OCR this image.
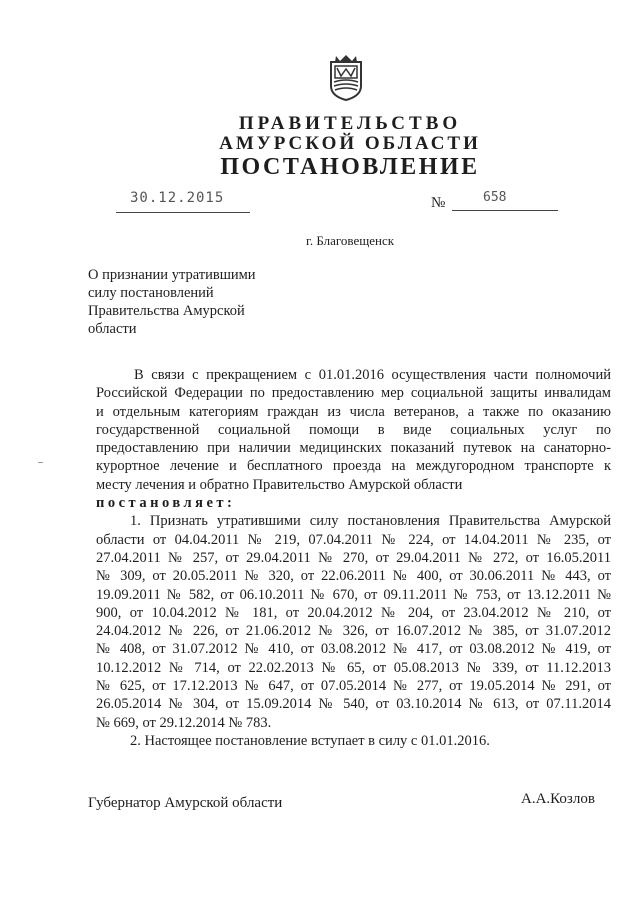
ПРАВИТЕЛЬСТВО
АМУРСКОЙ ОБЛАСТИ
ПОСТАНОВЛЕНИЕ
30.12.2015	№	658
г. Благовещенск
О признании утратившими
силу постановлений
Правительства Амурской
области
В связи с прекращением с 01.01.2016 осуществления части полномочий
Российской Федерации по предоставлению мер социальной защиты инвалидам
и отдельным категориям граждан из числа ветеранов, а также по оказанию
государственной социальной помощи в виде социальных услуг по
предоставлению при наличии медицинских показаний путевок на санаторно-
курортное лечение и бесплатного проезда на междугородном транспорте к
месту лечения и обратно Правительство Амурской области
постановляет:
1. Признать утратившими силу постановления Правительства Амурской
области от 04.04.2011 № 219, 07.04.2011 № 224, от 14.04.2011 № 235, от
27.04.2011 № 257, от 29.04.2011 № 270, от 29.04.2011 № 272, от 16.05.2011
№ 309, от 20.05.2011 № 320, от 22.06.2011 № 400, от 30.06.2011 № 443, от
19.09.2011 № 582, от 06.10.2011 № 670, от 09.11.2011 № 753, от 13.12.2011 №
900, от 10.04.2012 № 181, от 20.04.2012 № 204, от 23.04.2012 № 210, от
24.04.2012 № 226, от 21.06.2012 № 326, от 16.07.2012 № 385, от 31.07.2012
№ 408, от 31.07.2012 № 410, от 03.08.2012 № 417, от 03.08.2012 № 419, от
10.12.2012 № 714, от 22.02.2013 № 65, от 05.08.2013 № 339, от 11.12.2013
№ 625, от 17.12.2013 № 647, от 07.05.2014 № 277, от 19.05.2014 № 291, от
26.05.2014 № 304, от 15.09.2014 № 540, от 03.10.2014 № 613, от 07.11.2014
№ 669, от 29.12.2014 № 783.
2. Настоящее постановление вступает в силу с 01.01.2016.
Губернатор Амурской области	А.А.Козлов
